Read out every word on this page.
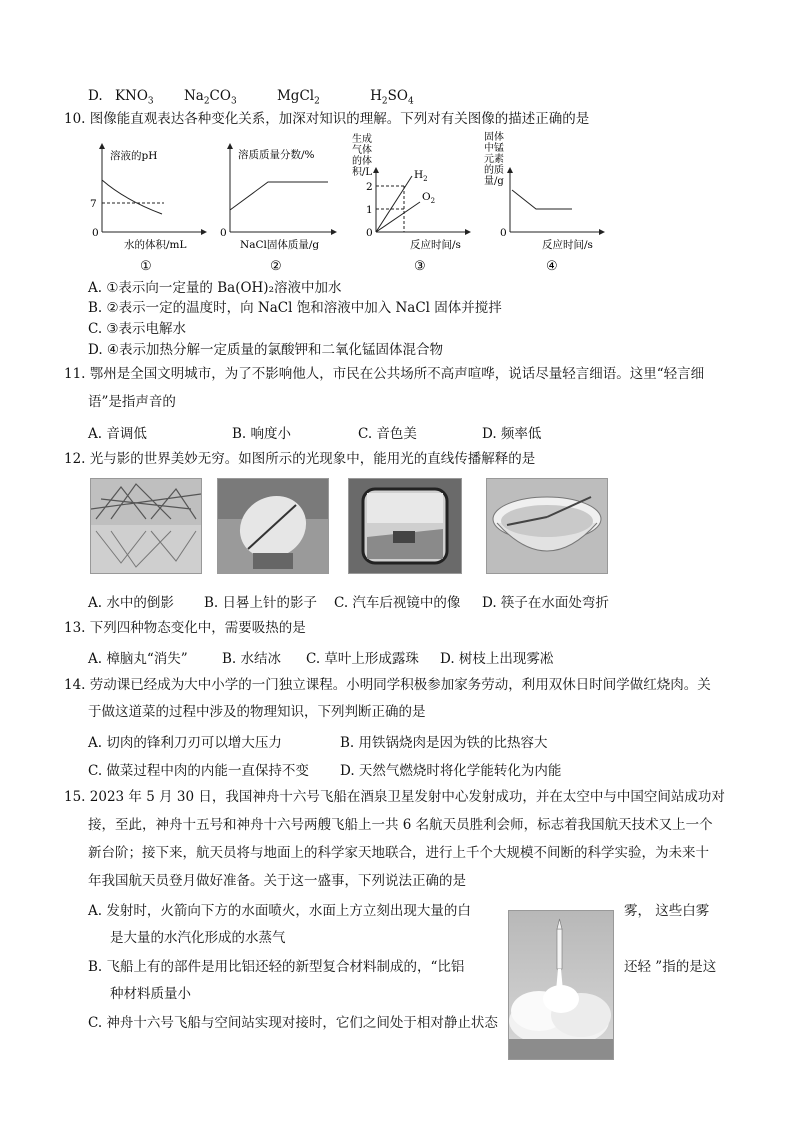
D. $KNO_3$ $Na_2CO_3$	MgCl$_2$	$H_2SO_4$
10. 图像能直观表达各种变化关系，加深对知识的理解。下列对有关图像的描述正确的是
溶液的pH
7
0
水的体积/mL
①
溶质质量分数/%
0
NaCl固体质量/g
②
生成气体的体积/L
2
1
0
$H_2$
$O_2$
反应时间/s
③
固体中锰元素的质量/g
0
反应时间/s
④
A. ①表示向一定量的 Ba(OH)₂溶液中加水
B. ②表示一定的温度时，向 NaCl 饱和溶液中加入 NaCl 固体并搅拌
C. ③表示电解水
D. ④表示加热分解一定质量的氯酸钾和二氧化锰固体混合物
11. 鄂州是全国文明城市，为了不影响他人，市民在公共场所不高声喧哗，说话尽量轻言细语。这里“轻言细
语”是指声音的
A. 音调低	B. 响度小	C. 音色美	D. 频率低
12. 光与影的世界美妙无穷。如图所示的光现象中，能用光的直线传播解释的是
A. 水中的倒影 B. 日晷上针的影子 C. 汽车后视镜中的像 D. 筷子在水面处弯折
13. 下列四种物态变化中，需要吸热的是
A. 樟脑丸“消失”	B. 水结冰 C. 草叶上形成露珠 D. 树枝上出现雾凇
14. 劳动课已经成为大中小学的一门独立课程。小明同学积极参加家务劳动，利用双休日时间学做红烧肉。关
于做这道菜的过程中涉及的物理知识，下列判断正确的是
A. 切肉的锋利刀刃可以增大压力	B. 用铁锅烧肉是因为铁的比热容大
C. 做菜过程中肉的内能一直保持不变 D. 天然气燃烧时将化学能转化为内能
15. 2023 年 5 月 30 日，我国神舟十六号飞船在酒泉卫星发射中心发射成功，并在太空中与中国空间站成功对
接，至此，神舟十五号和神舟十六号两艘飞船上一共 6 名航天员胜利会师，标志着我国航天技术又上一个
新台阶；接下来，航天员将与地面上的科学家天地联合，进行上千个大规模不间断的科学实验，为未来十
年我国航天员登月做好准备。关于这一盛事，下列说法正确的是
A. 发射时，火箭向下方的水面喷火，水面上方立刻出现大量的白	雾， 这些白雾
是大量的水汽化形成的水蒸气
B. 飞船上有的部件是用比铝还轻的新型复合材料制成的，“比铝	还轻 ”指的是这
种材料质量小
C. 神舟十六号飞船与空间站实现对接时，它们之间处于相对静止状态
